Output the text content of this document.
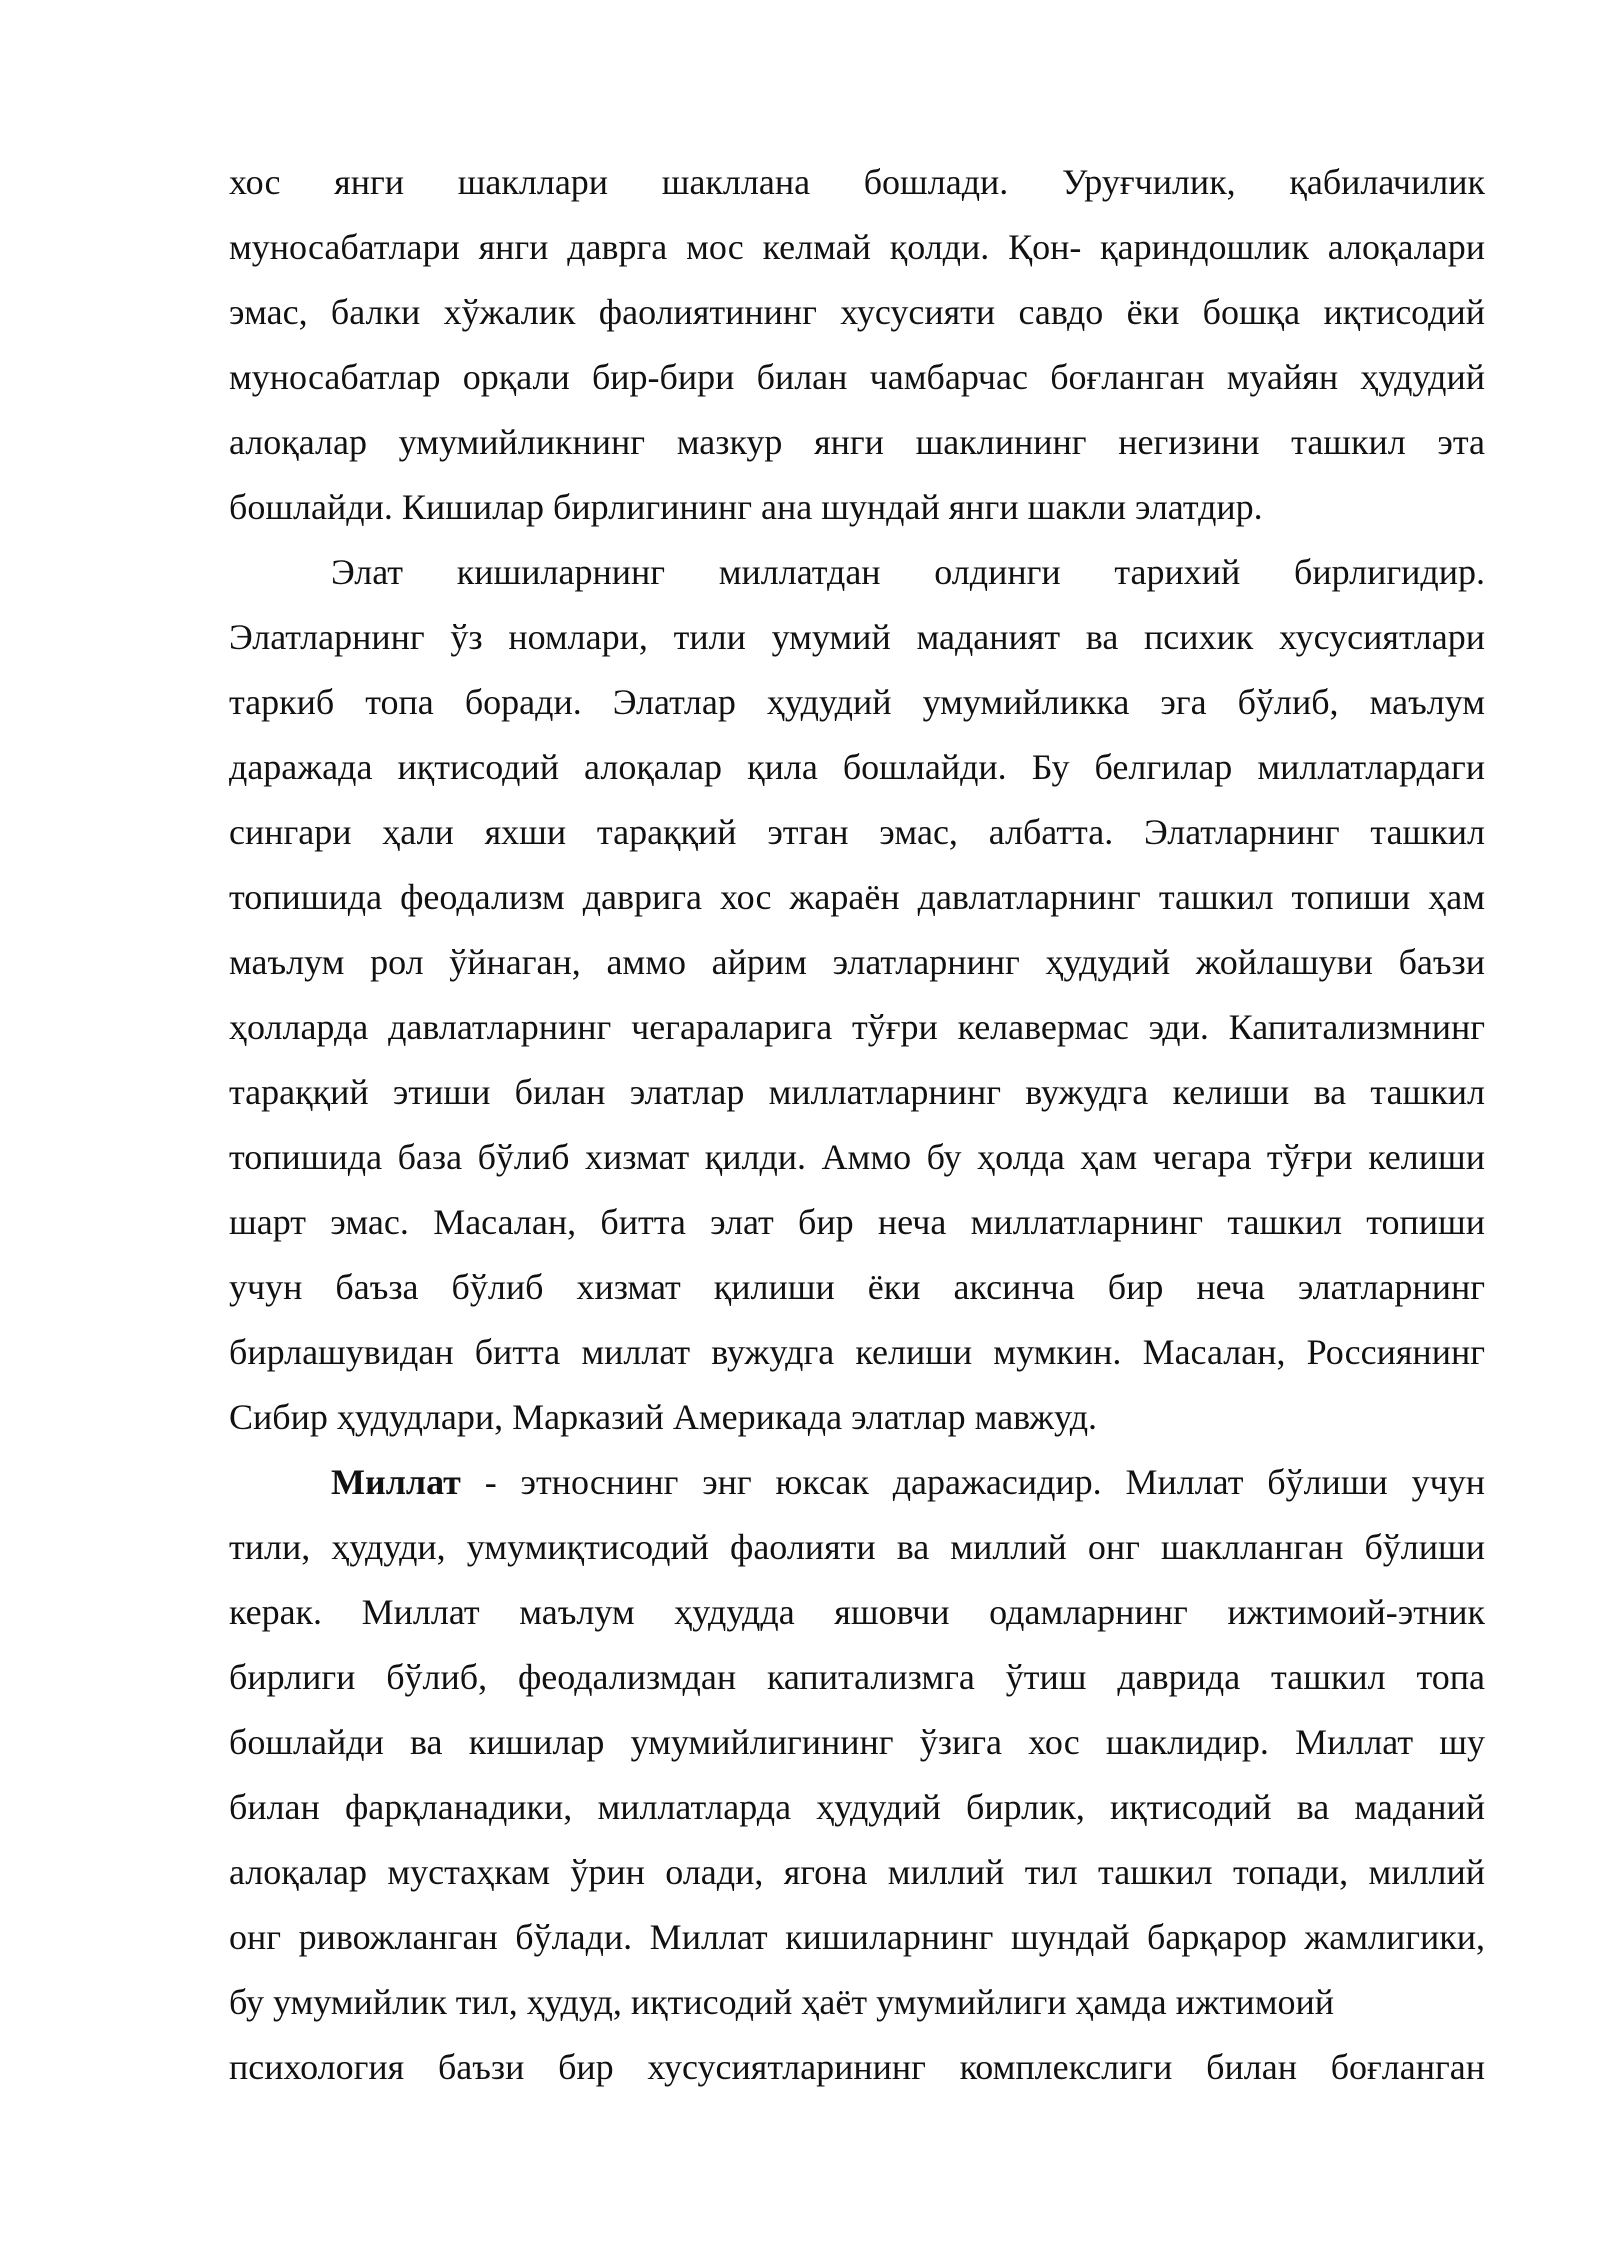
хос янги шакллари шаклланa бошлади. Уруғчилик, қабилачилик
муносабатлари янги даврга мос келмай қолди. Қон- қариндошлик алоқалари
эмас, балки хўжалик фаолиятининг хусусияти савдо ёки бошқа иқтисодий
муносабатлар орқали бир-бири билан чамбарчас боғланган муайян ҳудудий
алоқалар умумийликнинг мазкур янги шаклининг негизини ташкил эта
бошлайди. Кишилар бирлигининг ана шундай янги шакли элатдир.
Элат кишиларнинг миллатдан олдинги тарихий бирлигидир.
Элатларнинг ўз номлари, тили умумий маданият ва психик хусусиятлари
таркиб топа боради. Элатлар ҳудудий умумийликка эга бўлиб, маълум
даражада иқтисодий алоқалар қила бошлайди. Бу белгилар миллатлардаги
сингари ҳали яхши тараққий этган эмас, албатта. Элатларнинг ташкил
топишида феодализм даврига хос жараён давлатларнинг ташкил топиши ҳам
маълум рол ўйнаган, аммо айрим элатларнинг ҳудудий жойлашуви баъзи
ҳолларда давлатларнинг чегараларига тўғри келавермас эди. Капитализмнинг
тараққий этиши билан элатлар миллатларнинг вужудга келиши ва ташкил
топишида база бўлиб хизмат қилди. Аммо бу ҳолда ҳам чегара тўғри келиши
шарт эмас. Масалан, битта элат бир неча миллатларнинг ташкил топиши
учун баъза бўлиб хизмат қилиши ёки аксинча бир неча элатларнинг
бирлашувидан битта миллат вужудга келиши мумкин. Масалан, Россиянинг
Сибир ҳудудлари, Марказий Америкада элатлар мавжуд.
Миллат - этноснинг энг юксак даражасидир. Миллат бўлиши учун
тили, ҳудуди, умумиқтисодий фаолияти ва миллий онг шаклланган бўлиши
керак. Миллат маълум ҳудудда яшовчи одамларнинг ижтимоий-этник
бирлиги бўлиб, феодализмдан капитализмга ўтиш даврида ташкил топа
бошлайди ва кишилар умумийлигининг ўзига хос шаклидир. Миллат шу
билан фарқланадики, миллатларда ҳудудий бирлик, иқтисодий ва маданий
алоқалар мустаҳкам ўрин олади, ягона миллий тил ташкил топади, миллий
онг ривожланган бўлади. Миллат кишиларнинг шундай барқарор жамлигики,
бу умумийлик тил, ҳудуд, иқтисодий ҳаёт умумийлиги ҳамда ижтимоий
психология баъзи бир хусусиятларининг комплекслиги билан боғланган
